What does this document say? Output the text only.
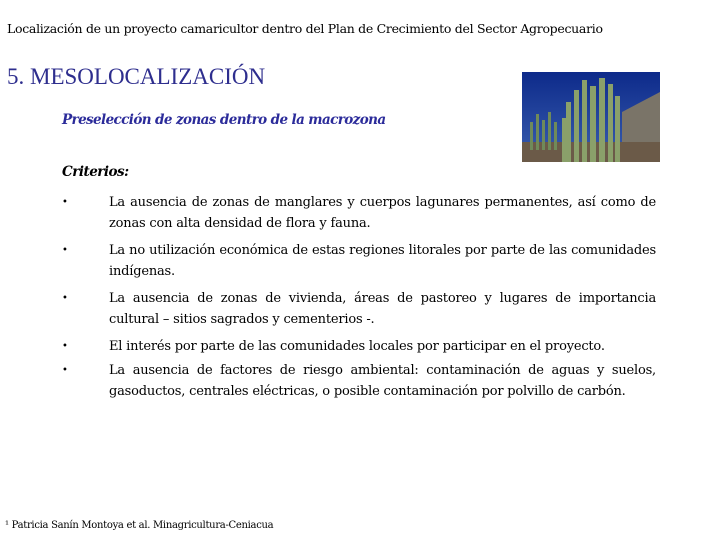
Localización de un proyecto camaricultor dentro del Plan de Crecimiento del Sector Agropecuario
5. MESOLOCALIZACIÓN
Preselección de zonas dentro de la macrozona
Criterios:
•	La ausencia de zonas de manglares y cuerpos lagunares permanentes, así como de zonas con alta densidad de flora y fauna.
•	La no utilización económica de estas regiones litorales por parte de las comunidades indígenas.
•	La ausencia de zonas de vivienda, áreas de pastoreo y lugares de importancia cultural – sitios sagrados y cementerios -.
•	El interés por parte de las comunidades locales por participar en el proyecto.
•	La ausencia de factores de riesgo ambiental: contaminación de aguas y suelos, gasoductos, centrales eléctricas, o posible contaminación por polvillo de carbón.
¹ Patricia Sanín Montoya et al. Minagricultura-Ceniacua
